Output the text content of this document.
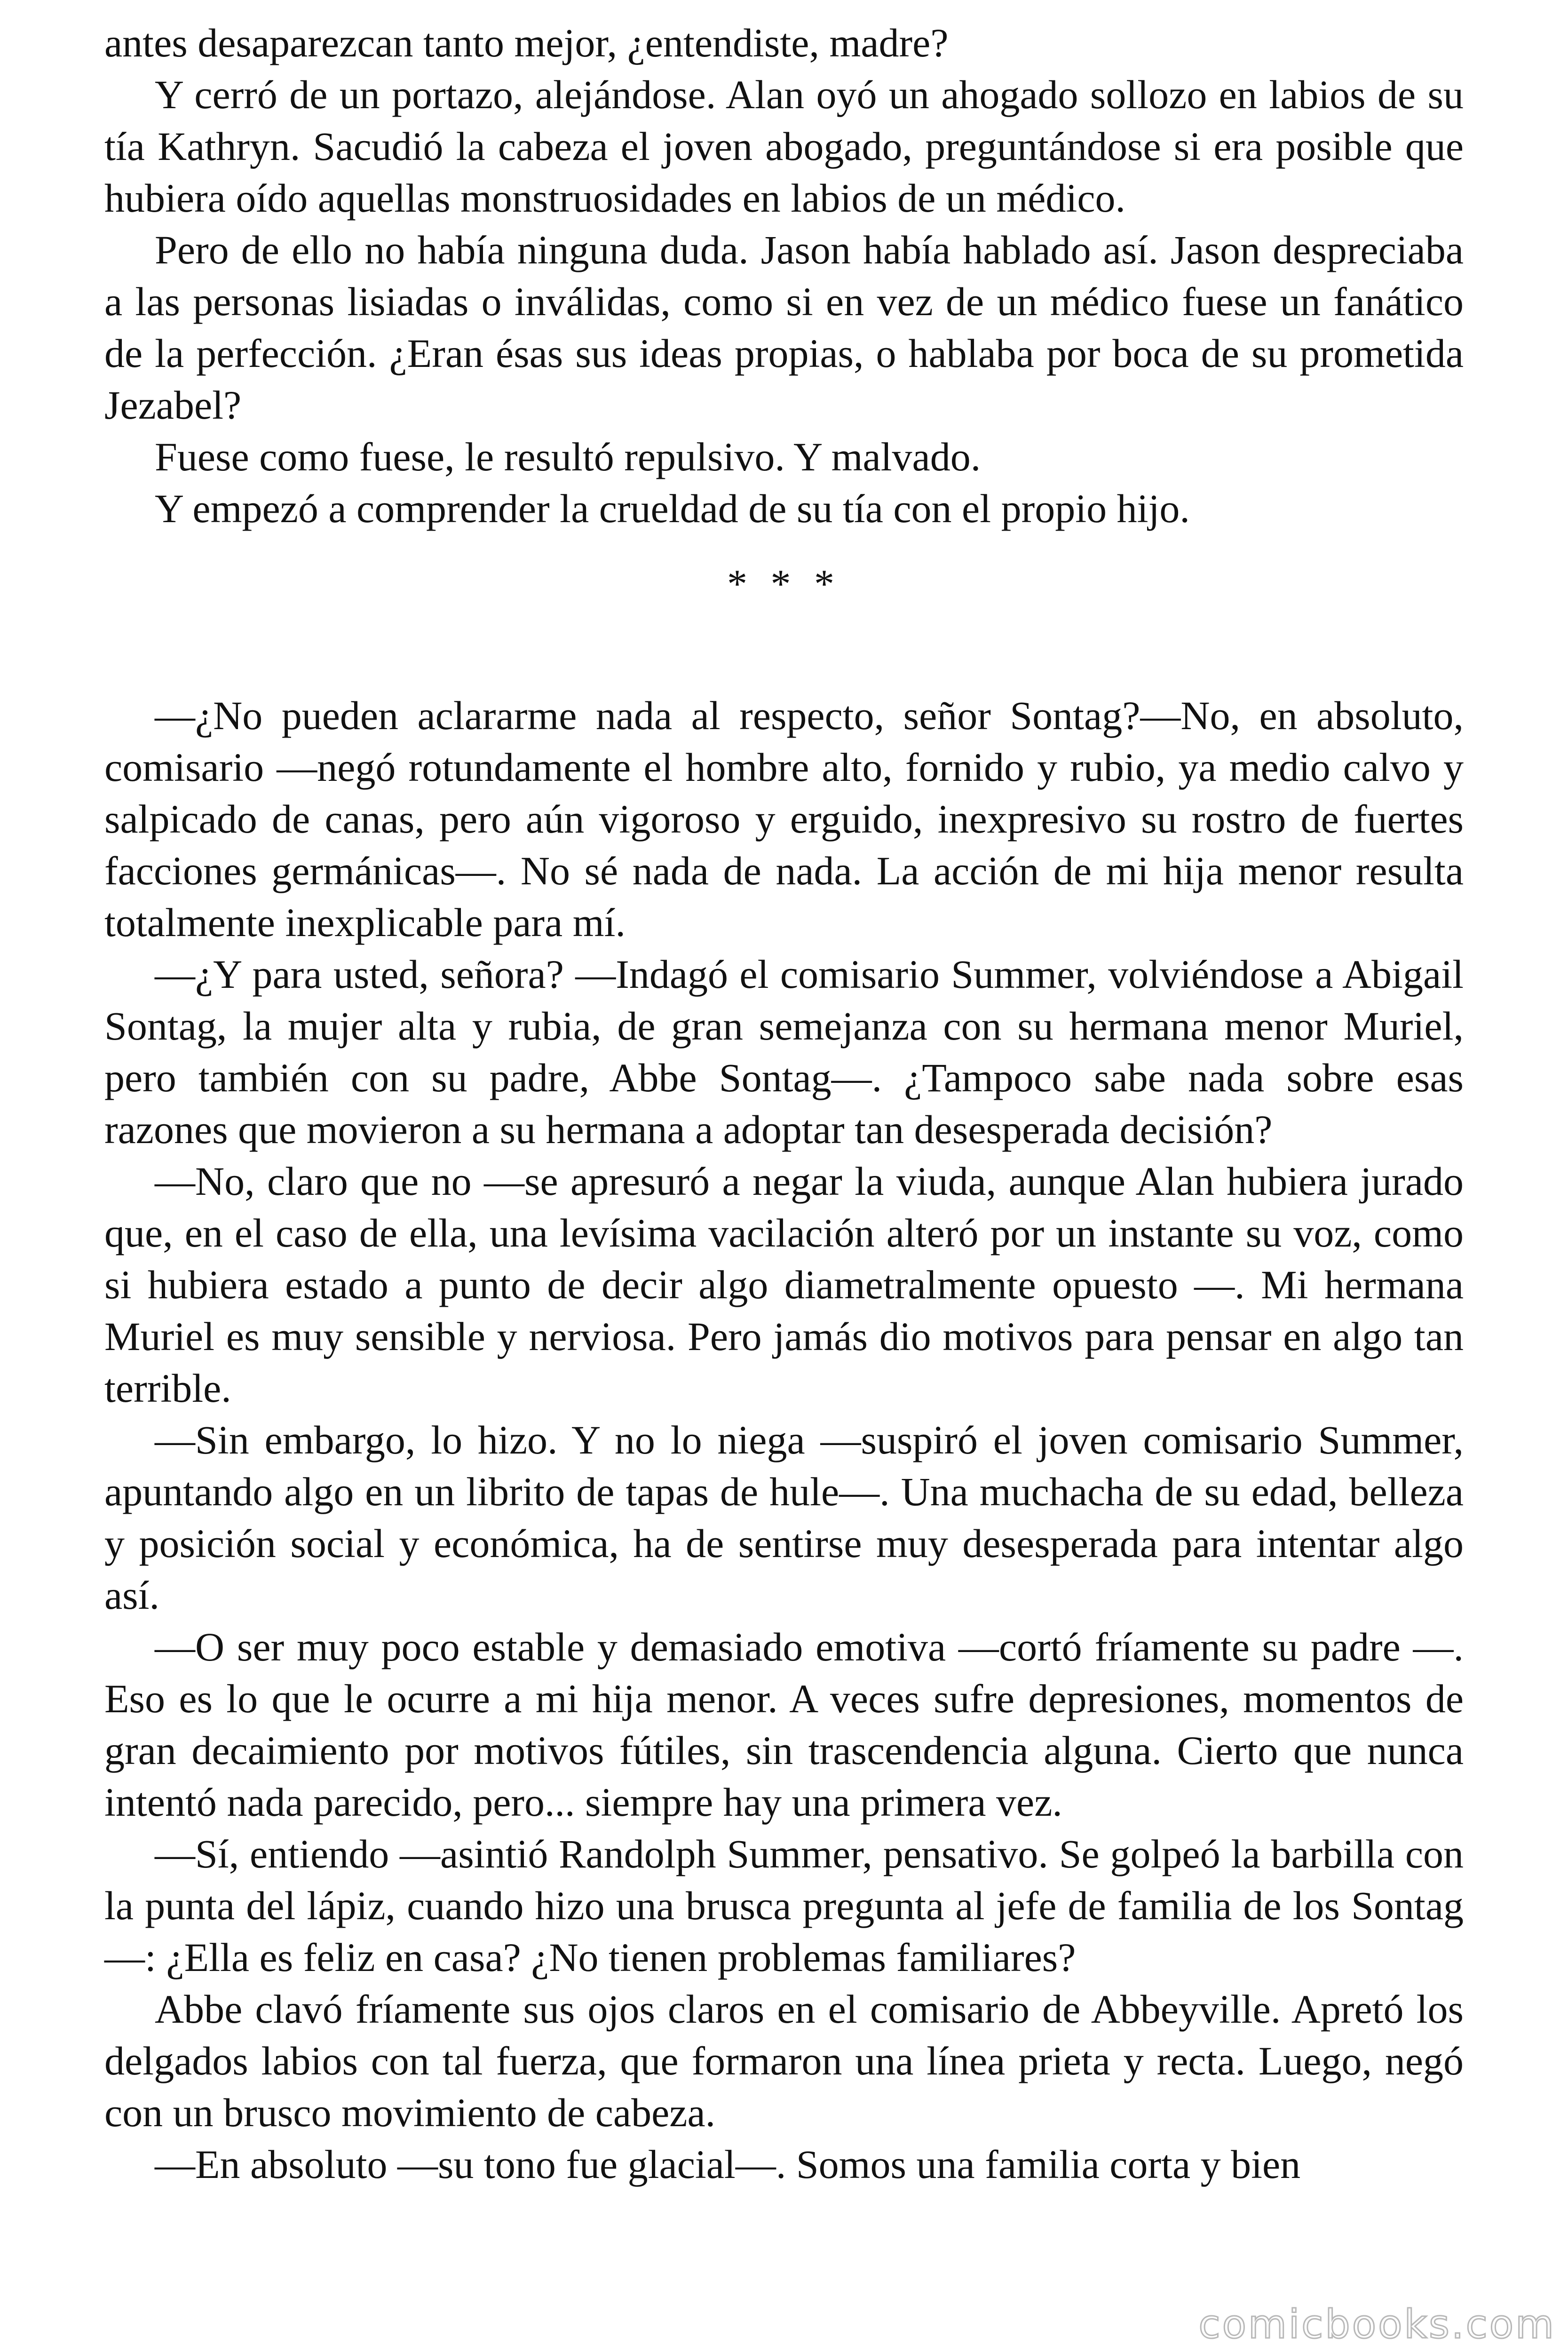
antes desaparezcan tanto mejor, ¿entendiste, madre?

Y cerró de un portazo, alejándose. Alan oyó un ahogado sollozo en labios de su tía Kathryn. Sacudió la cabeza el joven abogado, preguntándose si era posible que hubiera oído aquellas monstruosidades en labios de un médico.

Pero de ello no había ninguna duda. Jason había hablado así. Jason despreciaba a las personas lisiadas o inválidas, como si en vez de un médico fuese un fanático de la perfección. ¿Eran ésas sus ideas propias, o hablaba por boca de su prometida Jezabel?

Fuese como fuese, le resultó repulsivo. Y malvado.

Y empezó a comprender la crueldad de su tía con el propio hijo.

* * *

—¿No pueden aclararme nada al respecto, señor Sontag?—No, en absoluto, comisario —negó rotundamente el hombre alto, fornido y rubio, ya medio calvo y salpicado de canas, pero aún vigoroso y erguido, inexpresivo su rostro de fuertes facciones germánicas—. No sé nada de nada. La acción de mi hija menor resulta totalmente inexplicable para mí.

—¿Y para usted, señora? —Indagó el comisario Summer, volviéndose a Abigail Sontag, la mujer alta y rubia, de gran semejanza con su hermana menor Muriel, pero también con su padre, Abbe Sontag—. ¿Tampoco sabe nada sobre esas razones que movieron a su hermana a adoptar tan desesperada decisión?

—No, claro que no —se apresuró a negar la viuda, aunque Alan hubiera jurado que, en el caso de ella, una levísima vacilación alteró por un instante su voz, como si hubiera estado a punto de decir algo diametralmente opuesto —. Mi hermana Muriel es muy sensible y nerviosa. Pero jamás dio motivos para pensar en algo tan terrible.

—Sin embargo, lo hizo. Y no lo niega —suspiró el joven comisario Summer, apuntando algo en un librito de tapas de hule—. Una muchacha de su edad, belleza y posición social y económica, ha de sentirse muy desesperada para intentar algo así.

—O ser muy poco estable y demasiado emotiva —cortó fríamente su padre —. Eso es lo que le ocurre a mi hija menor. A veces sufre depresiones, momentos de gran decaimiento por motivos fútiles, sin trascendencia alguna. Cierto que nunca intentó nada parecido, pero... siempre hay una primera vez.

—Sí, entiendo —asintió Randolph Summer, pensativo. Se golpeó la barbilla con la punta del lápiz, cuando hizo una brusca pregunta al jefe de familia de los Sontag—: ¿Ella es feliz en casa? ¿No tienen problemas familiares?

Abbe clavó fríamente sus ojos claros en el comisario de Abbeyville. Apretó los delgados labios con tal fuerza, que formaron una línea prieta y recta. Luego, negó con un brusco movimiento de cabeza.

—En absoluto —su tono fue glacial—. Somos una familia corta y bien

comicbooks.com
